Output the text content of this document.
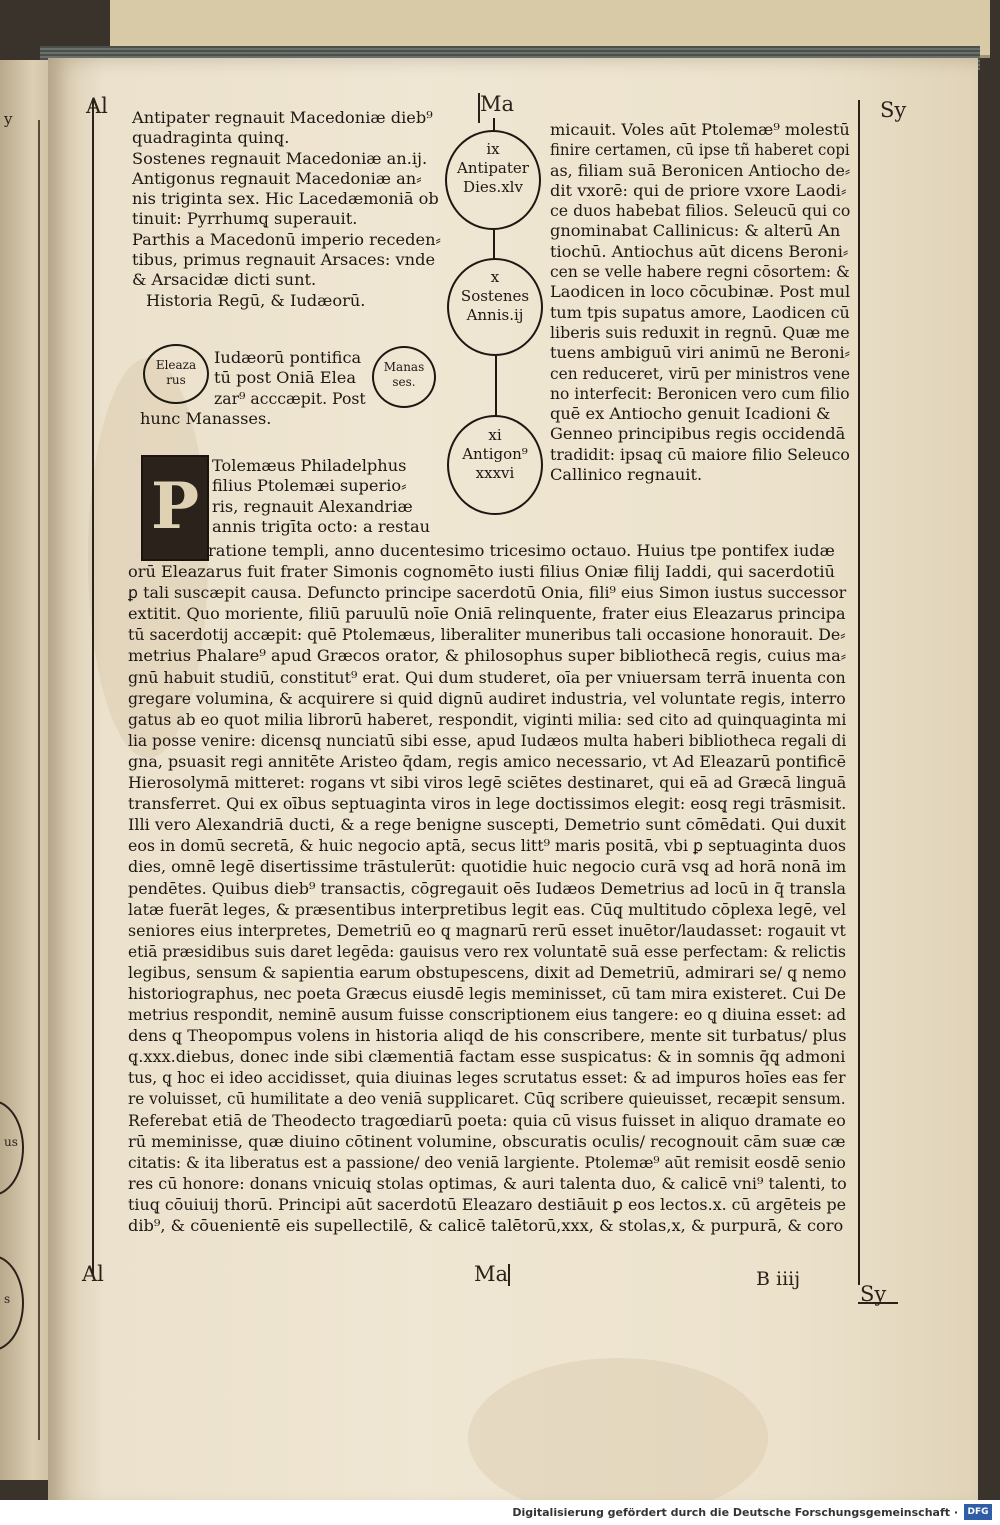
y
us
s
Al	Ma	Sy
Al	Ma	B iiij
Sy
Antipater regnauit Macedoniæ dieb⁹
quadraginta quinq̨.
Sostenes regnauit Macedoniæ an.ij.
Antigonus regnauit Macedoniæ an⸗
nis triginta sex. Hic Lacedæmoniā ob
tinuit: Pyrrhumq̨ superauit.
Parthis a Macedonū imperio receden⸗
tibus, primus regnauit Arsaces: vnde
& Arsacidæ dicti sunt.
Historia Regū, & Iudæorū.
Eleaza
rus
Iudæorū pontifica
tū post Oniā Elea
zar⁹ acccæpit. Post
hunc Manasses.
Manas
ses.
ix
Antipater
Dies.xlv
x
Sostenes
Annis.ij
xi
Antigon⁹
xxxvi
micauit. Voles aūt Ptolemæ⁹ molestū
finire certamen, cū ipse tñ haberet copi
as, filiam suā Beronicen Antiocho de⸗
dit vxorē: qui de priore vxore Laodi⸗
ce duos habebat filios. Seleucū qui co
gnominabat Callinicus: & alterū An
tiochū. Antiochus aūt dicens Beroni⸗
cen se velle habere regni cōsortem: &
Laodicen in loco cōcubinæ. Post mul
tum tpis supatus amore, Laodicen cū
liberis suis reduxit in regnū. Quæ me
tuens ambiguū viri animū ne Beroni⸗
cen reduceret, virū per ministros vene
no interfecit: Beronicen vero cum filio
quē ex Antiocho genuit Icadioni &
Genneo principibus regis occidendā
tradidit: ipsaq̨ cū maiore filio Seleuco
Callinico regnauit.
P
Tolemæus Philadelphus
filius Ptolemæi superio⸗
ris, regnauit Alexandriæ
annis trigīta octo: a restau
ratione templi, anno ducentesimo tricesimo octauo. Huius tpe pontifex iudæ
orū Eleazarus fuit frater Simonis cognomēto iusti filius Oniæ filij Iaddi, qui sacerdotiū
ꝑ tali suscæpit causa. Defuncto principe sacerdotū Onia, fili⁹ eius Simon iustus successor
extitit. Quo moriente, filiū paruulū noīe Oniā relinquente, frater eius Eleazarus principa
tū sacerdotij accæpit: quē Ptolemæus, liberaliter muneribus tali occasione honorauit. De⸗
metrius Phalare⁹ apud Græcos orator, & philosophus super bibliothecā regis, cuius ma⸗
gnū habuit studiū, constitut⁹ erat. Qui dum studeret, oīa per vniuersam terrā inuenta con
gregare volumina, & acquirere si quid dignū audiret industria, vel voluntate regis, interro
gatus ab eo quot milia librorū haberet, respondit, viginti milia: sed cito ad quinquaginta mi
lia posse venire: dicensq̨ nunciatū sibi esse, apud Iudæos multa haberi bibliotheca regali di
gna, psuasit regi annitēte Aristeo q̄dam, regis amico necessario, vt Ad Eleazarū pontificē
Hierosolymā mitteret: rogans vt sibi viros legē sciētes destinaret, qui eā ad Græcā linguā
transferret. Qui ex oībus septuaginta viros in lege doctissimos elegit: eosq̨ regi trāsmisit.
Illi vero Alexandriā ducti, & a rege benigne suscepti, Demetrio sunt cōmēdati. Qui duxit
eos in domū secretā, & huic negocio aptā, secus litt⁹ maris positā, vbi ꝑ septuaginta duos
dies, omnē legē disertissime trāstulerūt: quotidie huic negocio curā vsq̨ ad horā nonā im
pendētes. Quibus dieb⁹ transactis, cōgregauit oēs Iudæos Demetrius ad locū in q̄ transla
latæ fuerāt leges, & præsentibus interpretibus legit eas. Cūq̨ multitudo cōplexa legē, vel
seniores eius interpretes, Demetriū eo q̨ magnarū rerū esset inuētor/laudasset: rogauit vt
etiā præsidibus suis daret legēda: gauisus vero rex voluntatē suā esse perfectam: & relictis
legibus, sensum & sapientia earum obstupescens, dixit ad Demetriū, admirari se/ q̨ nemo
historiographus, nec poeta Græcus eiusdē legis meminisset, cū tam mira existeret. Cui De
metrius respondit, neminē ausum fuisse conscriptionem eius tangere: eo q̨ diuina esset: ad
dens q̨ Theopompus volens in historia aliqd de his conscribere, mente sit turbatus/ plus
q̨.xxx.diebus, donec inde sibi clæmentiā factam esse suspicatus: & in somnis q̄q̨ admoni
tus, q̨ hoc ei ideo accidisset, quia diuinas leges scrutatus esset: & ad impuros hoīes eas fer
re voluisset, cū humilitate a deo veniā supplicaret. Cūq̨ scribere quieuisset, recæpit sensum.
Referebat etiā de Theodecto tragœdiarū poeta: quia cū visus fuisset in aliquo dramate eo
rū meminisse, quæ diuino cōtinent volumine, obscuratis oculis/ recognouit cām suæ cæ
citatis: & ita liberatus est a passione/ deo veniā largiente. Ptolemæ⁹ aūt remisit eosdē senio
res cū honore: donans vnicuiq̨ stolas optimas, & auri talenta duo, & calicē vni⁹ talenti, to
tiuq̨ cōuiuij thorū. Principi aūt sacerdotū Eleazaro destiāuit ꝑ eos lectos.x. cū argēteis pe
dib⁹, & cōuenientē eis supellectilē, & calicē talētorū,xxx, & stolas,x, & purpurā, & coro
Digitalisierung gefördert durch die Deutsche Forschungsgemeinschaft ·	DFG
